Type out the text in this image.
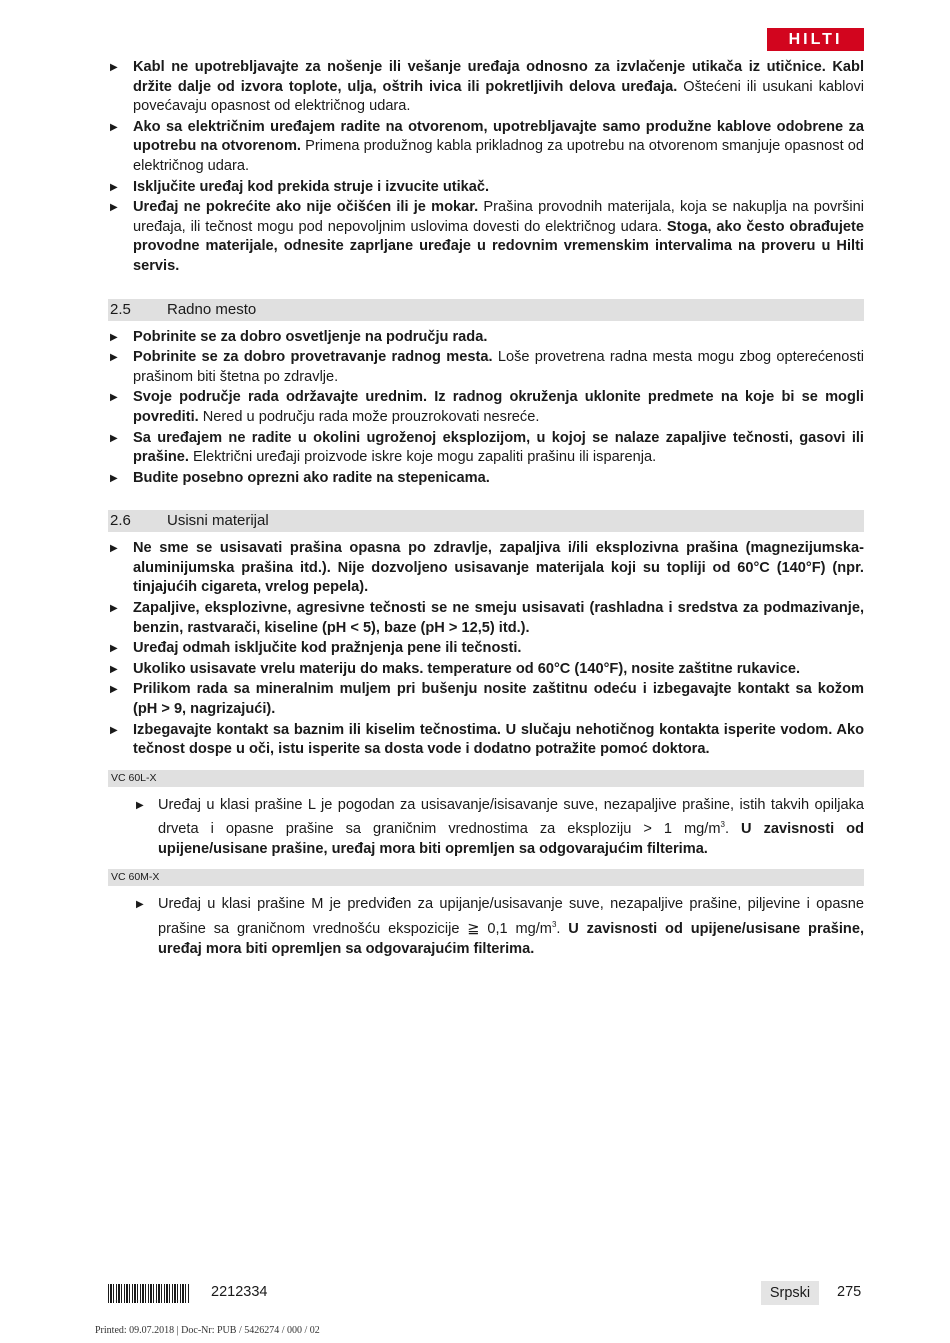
HILTI
▶ Kabl ne upotrebljavajte za nošenje ili vešanje uređaja odnosno za izvlačenje utikača iz utičnice. Kabl držite dalje od izvora toplote, ulja, oštrih ivica ili pokretljivih delova uređaja. Oštećeni ili usukani kablovi povećavaju opasnost od električnog udara.
▶ Ako sa električnim uređajem radite na otvorenom, upotrebljavajte samo produžne kablove odobrene za upotrebu na otvorenom. Primena produžnog kabla prikladnog za upotrebu na otvorenom smanjuje opasnost od električnog udara.
▶ Isključite uređaj kod prekida struje i izvucite utikač.
▶ Uređaj ne pokrećite ako nije očišćen ili je mokar. Prašina provodnih materijala, koja se nakuplja na površini uređaja, ili tečnost mogu pod nepovoljnim uslovima dovesti do električnog udara. Stoga, ako često obrađujete provodne materijale, odnesite zaprljane uređaje u redovnim vremenskim intervalima na proveru u Hilti servis.
2.5	Radno mesto
▶ Pobrinite se za dobro osvetljenje na području rada.
▶ Pobrinite se za dobro provetravanje radnog mesta. Loše provetrena radna mesta mogu zbog opterećenosti prašinom biti štetna po zdravlje.
▶ Svoje područje rada održavajte urednim. Iz radnog okruženja uklonite predmete na koje bi se mogli povrediti. Nered u području rada može prouzrokovati nesreće.
▶ Sa uređajem ne radite u okolini ugroženoj eksplozijom, u kojoj se nalaze zapaljive tečnosti, gasovi ili prašine. Električni uređaji proizvode iskre koje mogu zapaliti prašinu ili isparenja.
▶ Budite posebno oprezni ako radite na stepenicama.
2.6	Usisni materijal
▶ Ne sme se usisavati prašina opasna po zdravlje, zapaljiva i/ili eksplozivna prašina (magnezijumska-aluminijumska prašina itd.). Nije dozvoljeno usisavanje materijala koji su topliji od 60°C (140°F) (npr. tinjajućih cigareta, vrelog pepela).
▶ Zapaljive, eksplozivne, agresivne tečnosti se ne smeju usisavati (rashladna i sredstva za podmazivanje, benzin, rastvarači, kiseline (pH < 5), baze (pH > 12,5) itd.).
▶ Uređaj odmah isključite kod pražnjenja pene ili tečnosti.
▶ Ukoliko usisavate vrelu materiju do maks. temperature od 60°C (140°F), nosite zaštitne rukavice.
▶ Prilikom rada sa mineralnim muljem pri bušenju nosite zaštitnu odeću i izbegavajte kontakt sa kožom (pH > 9, nagrizajući).
▶ Izbegavajte kontakt sa baznim ili kiselim tečnostima. U slučaju nehotičnog kontakta isperite vodom. Ako tečnost dospe u oči, istu isperite sa dosta vode i dodatno potražite pomoć doktora.
VC 60L-X
▶ Uređaj u klasi prašine L je pogodan za usisavanje/isisavanje suve, nezapaljive prašine, istih takvih opiljaka drveta i opasne prašine sa graničnim vrednostima za eksploziju > 1 $mg/m^3$. U zavisnosti od upijene/usisane prašine, uređaj mora biti opremljen sa odgovarajućim filterima.
VC 60M-X
▶ Uređaj u klasi prašine M je predviđen za upijanje/usisavanje suve, nezapaljive prašine, piljevine i opasne prašine sa graničnom vrednošću ekspozicije ≧ 0,1 $mg/m^3$. U zavisnosti od upijene/usisane prašine, uređaj mora biti opremljen sa odgovarajućim filterima.
2212334	Srpski	275
Printed: 09.07.2018 | Doc-Nr: PUB / 5426274 / 000 / 02
